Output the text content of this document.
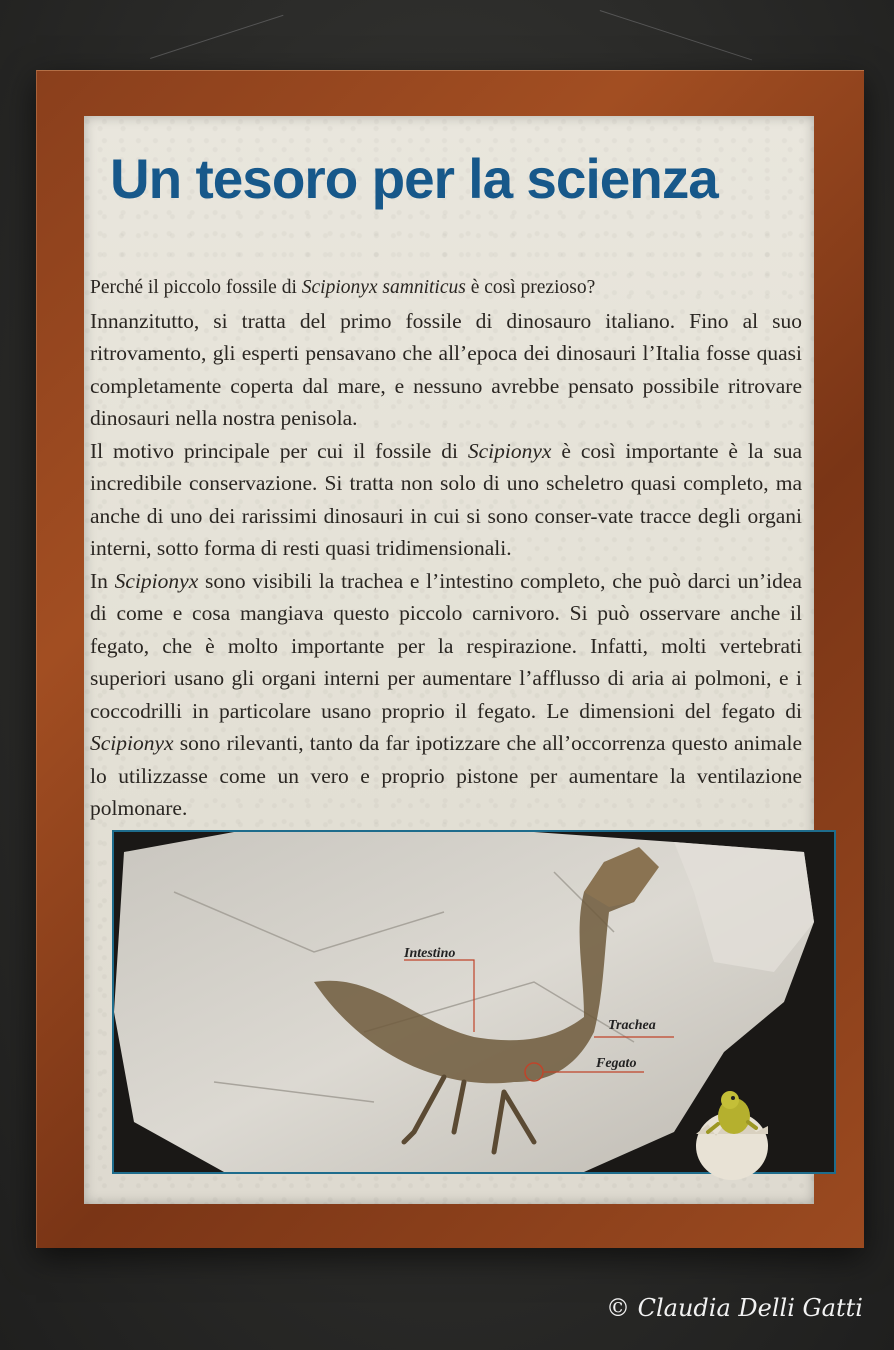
Un tesoro per la scienza

Perché il piccolo fossile di Scipionyx samniticus è così prezioso?

Innanzitutto, si tratta del primo fossile di dinosauro italiano. Fino al suo ritrovamento, gli esperti pensavano che all’epoca dei dinosauri l’Italia fosse quasi completamente coperta dal mare, e nessuno avrebbe pensato possibile ritrovare dinosauri nella nostra penisola.

Il motivo principale per cui il fossile di Scipionyx è così importante è la sua incredibile conservazione. Si tratta non solo di uno scheletro quasi completo, ma anche di uno dei rarissimi dinosauri in cui si sono conser-vate tracce degli organi interni, sotto forma di resti quasi tridimensionali.

In Scipionyx sono visibili la trachea e l’intestino completo, che può darci un’idea di come e cosa mangiava questo piccolo carnivoro. Si può osservare anche il fegato, che è molto importante per la respirazione. Infatti, molti vertebrati superiori usano gli organi interni per aumentare l’afflusso di aria ai polmoni, e i coccodrilli in particolare usano proprio il fegato. Le dimensioni del fegato di Scipionyx sono rilevanti, tanto da far ipotizzare che all’occorrenza questo animale lo utilizzasse come un vero e proprio pistone per aumentare la ventilazione polmonare.

Intestino
Trachea
Fegato
© Claudia Delli Gatti
